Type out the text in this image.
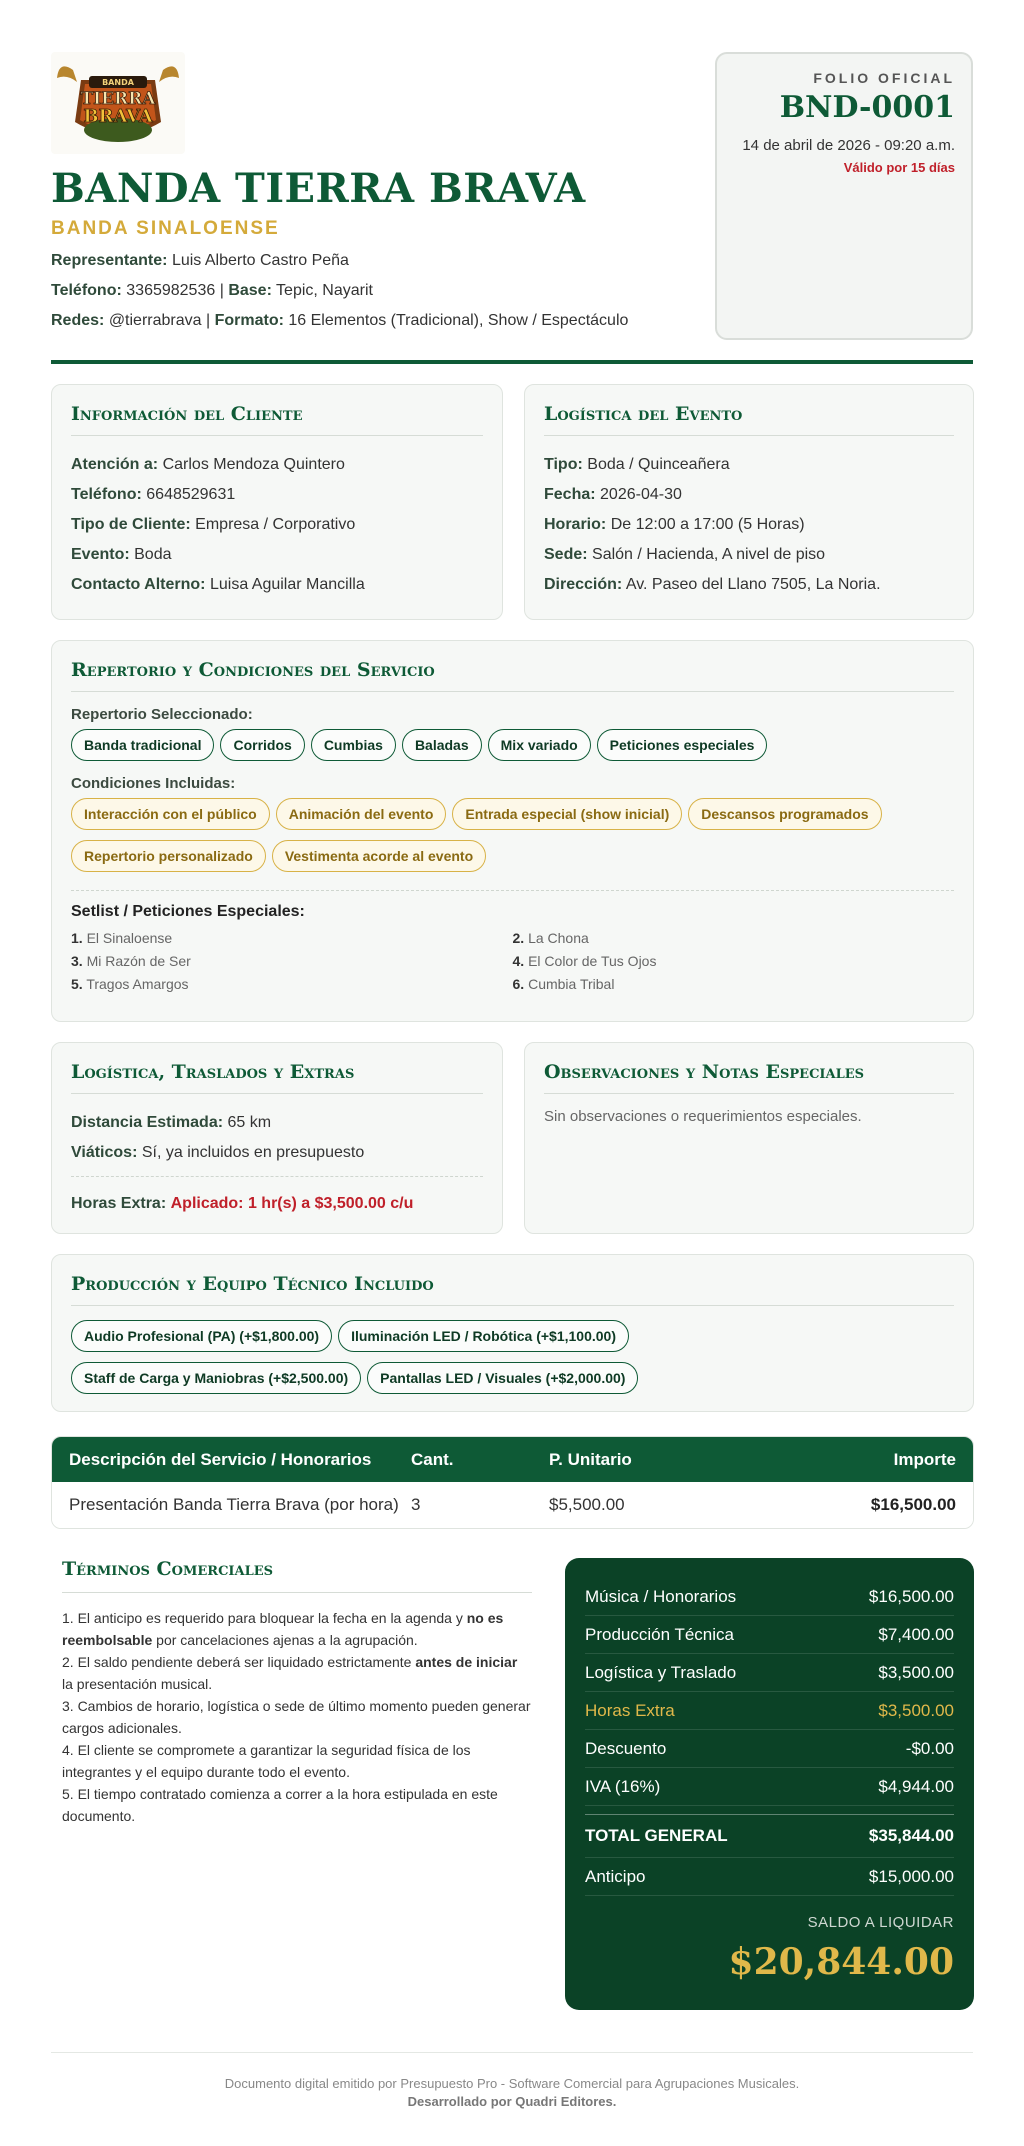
BANDA
TIERRA
BRAVA
BANDA TIERRA BRAVA
BANDA SINALOENSE
Representante: Luis Alberto Castro Peña
Teléfono: 3365982536 | Base: Tepic, Nayarit
Redes: @tierrabrava | Formato: 16 Elementos (Tradicional), Show / Espectáculo
FOLIO OFICIAL
BND-0001
14 de abril de 2026 - 09:20 a.m.
Válido por 15 días
Información del Cliente
Atención a: Carlos Mendoza Quintero
Teléfono: 6648529631
Tipo de Cliente: Empresa / Corporativo
Evento: Boda
Contacto Alterno: Luisa Aguilar Mancilla
Logística del Evento
Tipo: Boda / Quinceañera
Fecha: 2026-04-30
Horario: De 12:00 a 17:00 (5 Horas)
Sede: Salón / Hacienda, A nivel de piso
Dirección: Av. Paseo del Llano 7505, La Noria.
Repertorio y Condiciones del Servicio
Repertorio Seleccionado:
Banda tradicional Corridos Cumbias Baladas Mix variado Peticiones especiales
Condiciones Incluidas:
Interacción con el público Animación del evento Entrada especial (show inicial) Descansos programadosRepertorio personalizado Vestimenta acorde al evento
Setlist / Peticiones Especiales:
1. El Sinaloense	2. La Chona
3. Mi Razón de Ser	4. El Color de Tus Ojos
5. Tragos Amargos	6. Cumbia Tribal
Logística, Traslados y Extras
Distancia Estimada: 65 km
Viáticos: Sí, ya incluidos en presupuesto
Horas Extra: Aplicado: 1 hr(s) a $3,500.00 c/u
Observaciones y Notas Especiales
Sin observaciones o requerimientos especiales.
Producción y Equipo Técnico Incluido
Audio Profesional (PA) (+$1,800.00) Iluminación LED / Robótica (+$1,100.00)
Staff de Carga y Maniobras (+$2,500.00) Pantallas LED / Visuales (+$2,000.00)
Descripción del Servicio / Honorarios Cant.	P. Unitario	Importe
Presentación Banda Tierra Brava (por hora) 3	$5,500.00	$16,500.00
Términos Comerciales

1. El anticipo es requerido para bloquear la fecha en la agenda y no es reembolsable por cancelaciones ajenas a la agrupación.

2. El saldo pendiente deberá ser liquidado estrictamente antes de iniciar la presentación musical.

3. Cambios de horario, logística o sede de último momento pueden generar cargos adicionales.

4. El cliente se compromete a garantizar la seguridad física de los integrantes y el equipo durante todo el evento.

5. El tiempo contratado comienza a correr a la hora estipulada en este documento.

Música / Honorarios	$16,500.00
Producción Técnica	$7,400.00
Logística y Traslado	$3,500.00
Horas Extra	$3,500.00
Descuento	-$0.00
IVA (16%)	$4,944.00
TOTAL GENERAL	$35,844.00
Anticipo	$15,000.00
SALDO A LIQUIDAR
$20,844.00
Documento digital emitido por Presupuesto Pro - Software Comercial para Agrupaciones Musicales.
Desarrollado por Quadri Editores.
